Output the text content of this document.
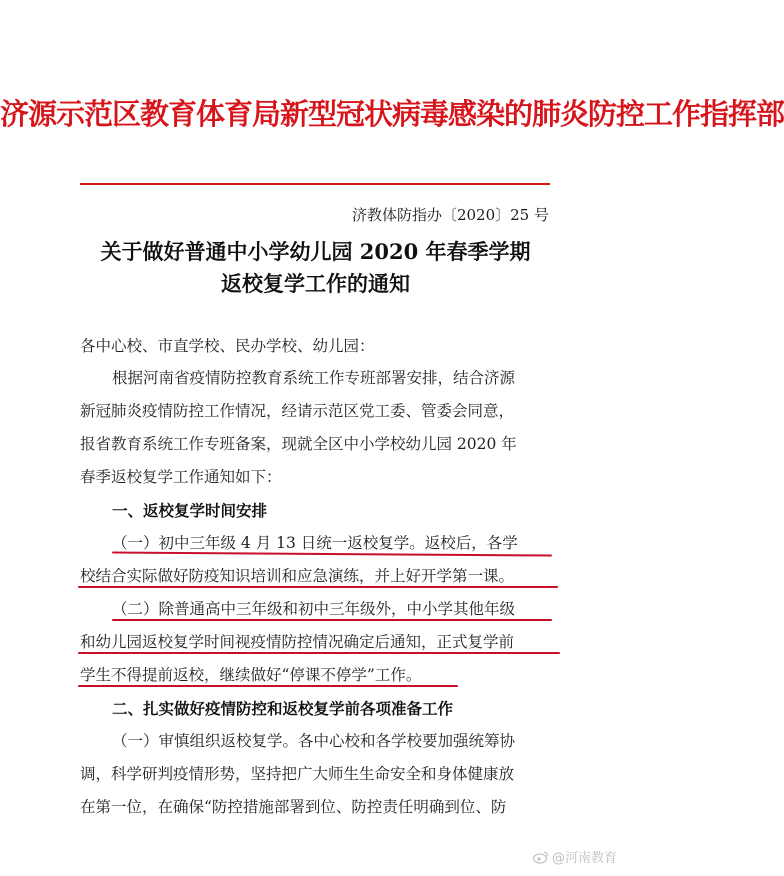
济源示范区教育体育局新型冠状病毒感染的肺炎防控工作指挥部
济教体防指办〔2020〕25 号
关于做好普通中小学幼儿园 2020 年春季学期
返校复学工作的通知
各中心校、市直学校、民办学校、幼儿园：
根据河南省疫情防控教育系统工作专班部署安排，结合济源
新冠肺炎疫情防控工作情况，经请示范区党工委、管委会同意，
报省教育系统工作专班备案，现就全区中小学校幼儿园 2020 年
春季返校复学工作通知如下：
一、返校复学时间安排
（一）初中三年级 4 月 13 日统一返校复学。返校后，各学
校结合实际做好防疫知识培训和应急演练，并上好开学第一课。
（二）除普通高中三年级和初中三年级外，中小学其他年级
和幼儿园返校复学时间视疫情防控情况确定后通知，正式复学前
学生不得提前返校，继续做好“停课不停学”工作。
二、扎实做好疫情防控和返校复学前各项准备工作
（一）审慎组织返校复学。各中心校和各学校要加强统筹协
调，科学研判疫情形势，坚持把广大师生生命安全和身体健康放
在第一位，在确保“防控措施部署到位、防控责任明确到位、防
@河南教育
